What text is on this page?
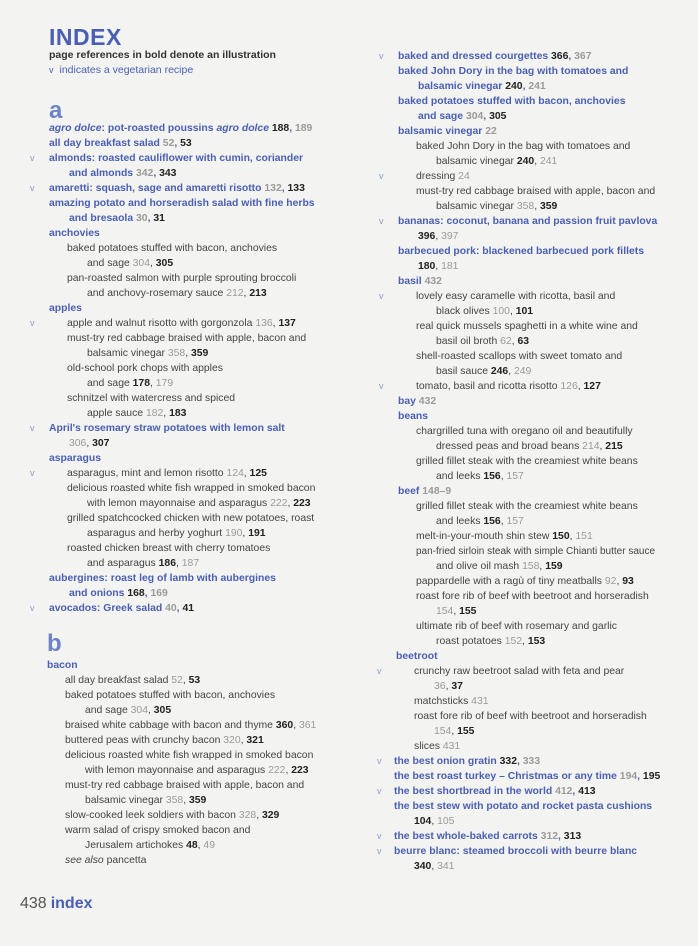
INDEX
page references in bold denote an illustration
v indicates a vegetarian recipe
a
agro dolce: pot-roasted poussins agro dolce 188, 189
all day breakfast salad 52, 53
v almonds: roasted cauliflower with cumin, coriander
and almonds 342, 343
v amaretti: squash, sage and amaretti risotto 132, 133
amazing potato and horseradish salad with fine herbs
and bresaola 30, 31
anchovies
baked potatoes stuffed with bacon, anchovies
and sage 304, 305
pan-roasted salmon with purple sprouting broccoli
and anchovy-rosemary sauce 212, 213
apples
v	apple and walnut risotto with gorgonzola 136, 137
must-try red cabbage braised with apple, bacon and
balsamic vinegar 358, 359
old-school pork chops with apples
and sage 178, 179
schnitzel with watercress and spiced
apple sauce 182, 183
v April's rosemary straw potatoes with lemon salt
306, 307
asparagus
v	asparagus, mint and lemon risotto 124, 125
delicious roasted white fish wrapped in smoked bacon
with lemon mayonnaise and asparagus 222, 223
grilled spatchcocked chicken with new potatoes, roast
asparagus and herby yoghurt 190, 191
roasted chicken breast with cherry tomatoes
and asparagus 186, 187
aubergines: roast leg of lamb with aubergines
and onions 168, 169
v avocados: Greek salad 40, 41
b
bacon
all day breakfast salad 52, 53
baked potatoes stuffed with bacon, anchovies
and sage 304, 305
braised white cabbage with bacon and thyme 360, 361
buttered peas with crunchy bacon 320, 321
delicious roasted white fish wrapped in smoked bacon
with lemon mayonnaise and asparagus 222, 223
must-try red cabbage braised with apple, bacon and
balsamic vinegar 358, 359
slow-cooked leek soldiers with bacon 328, 329
warm salad of crispy smoked bacon and
Jerusalem artichokes 48, 49
see also pancetta
v baked and dressed courgettes 366, 367
baked John Dory in the bag with tomatoes and
balsamic vinegar 240, 241
baked potatoes stuffed with bacon, anchovies
and sage 304, 305
balsamic vinegar 22
baked John Dory in the bag with tomatoes and
balsamic vinegar 240, 241
v	dressing 24
must-try red cabbage braised with apple, bacon and
balsamic vinegar 358, 359
v bananas: coconut, banana and passion fruit pavlova
396, 397
barbecued pork: blackened barbecued pork fillets
180, 181
basil 432
v	lovely easy caramelle with ricotta, basil and
black olives 100, 101
real quick mussels spaghetti in a white wine and
basil oil broth 62, 63
shell-roasted scallops with sweet tomato and
basil sauce 246, 249
v	tomato, basil and ricotta risotto 126, 127
bay 432
beans
chargrilled tuna with oregano oil and beautifully
dressed peas and broad beans 214, 215
grilled fillet steak with the creamiest white beans
and leeks 156, 157
beef 148–9
grilled fillet steak with the creamiest white beans
and leeks 156, 157
melt-in-your-mouth shin stew 150, 151
pan-fried sirloin steak with simple Chianti butter sauce
and olive oil mash 158, 159
pappardelle with a ragù of tiny meatballs 92, 93
roast fore rib of beef with beetroot and horseradish
154, 155
ultimate rib of beef with rosemary and garlic
roast potatoes 152, 153
beetroot
v	crunchy raw beetroot salad with feta and pear
36, 37
matchsticks 431
roast fore rib of beef with beetroot and horseradish
154, 155
slices 431
v the best onion gratin 332, 333
the best roast turkey – Christmas or any time 194, 195
v the best shortbread in the world 412, 413
the best stew with potato and rocket pasta cushions
104, 105
v the best whole-baked carrots 312, 313
v beurre blanc: steamed broccoli with beurre blanc
340, 341
438 index
